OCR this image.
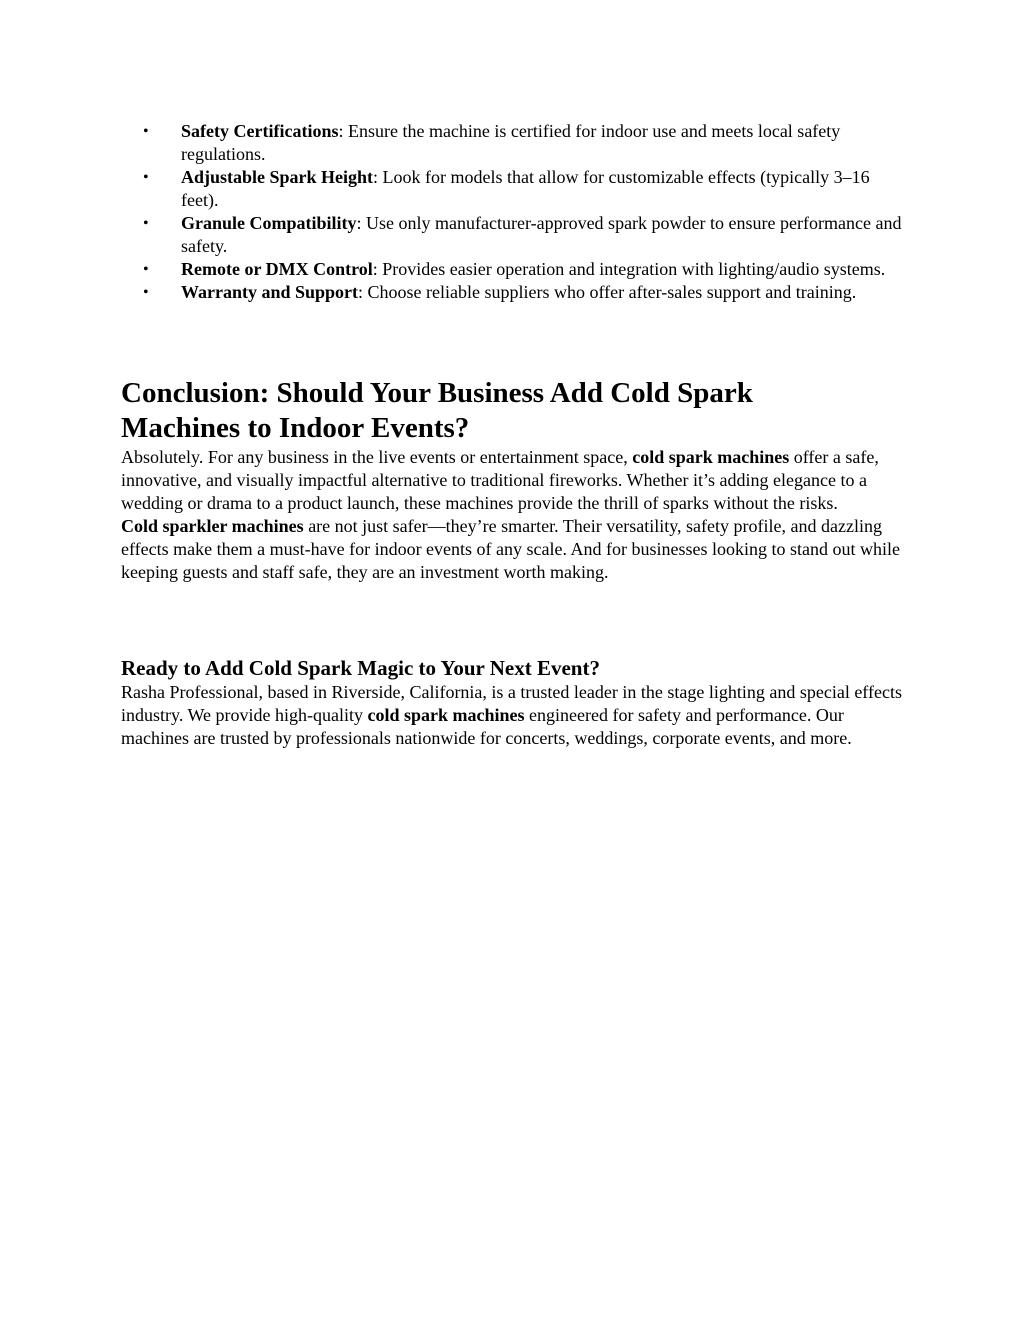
• Safety Certifications: Ensure the machine is certified for indoor use and meets local safety regulations.
• Adjustable Spark Height: Look for models that allow for customizable effects (typically 3–16 feet).
• Granule Compatibility: Use only manufacturer-approved spark powder to ensure performance and safety.
• Remote or DMX Control: Provides easier operation and integration with lighting/audio systems.
• Warranty and Support: Choose reliable suppliers who offer after-sales support and training.
Conclusion: Should Your Business Add Cold Spark Machines to Indoor Events?

Absolutely. For any business in the live events or entertainment space, cold spark machines offer a safe, innovative, and visually impactful alternative to traditional fireworks. Whether it’s adding elegance to a wedding or drama to a product launch, these machines provide the thrill of sparks without the risks.

Cold sparkler machines are not just safer—they’re smarter. Their versatility, safety profile, and dazzling effects make them a must-have for indoor events of any scale. And for businesses looking to stand out while keeping guests and staff safe, they are an investment worth making.

Ready to Add Cold Spark Magic to Your Next Event?

Rasha Professional, based in Riverside, California, is a trusted leader in the stage lighting and special effects industry. We provide high-quality cold spark machines engineered for safety and performance. Our machines are trusted by professionals nationwide for concerts, weddings, corporate events, and more.
